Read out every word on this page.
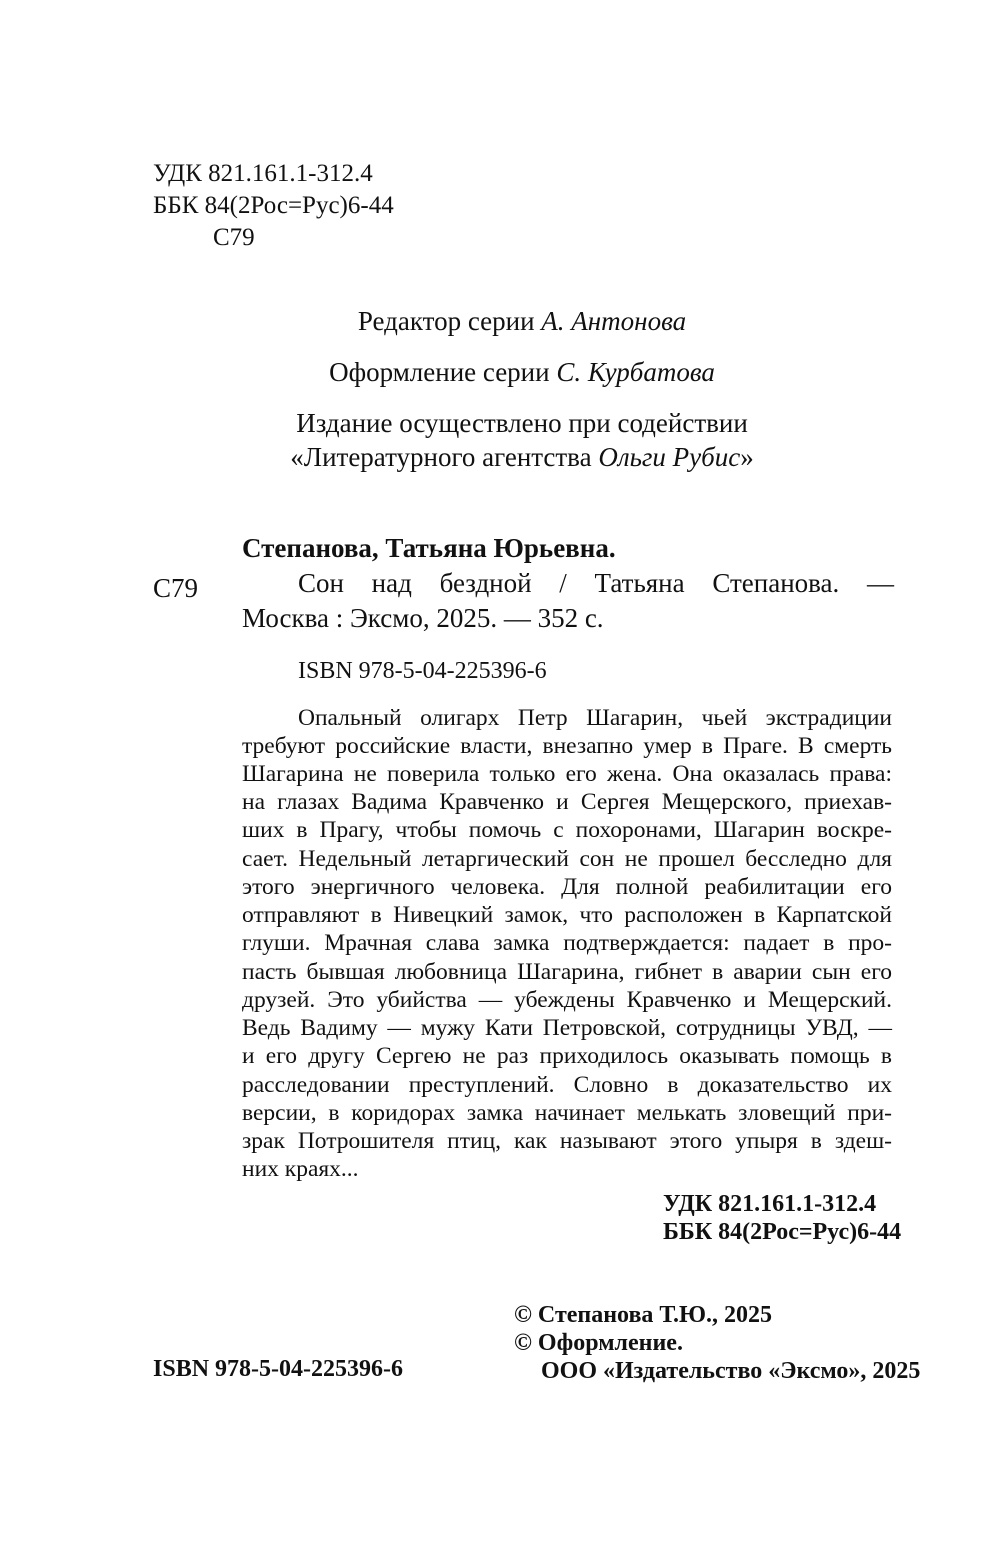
УДК 821.161.1-312.4
ББК 84(2Рос=Рус)6-44
С79
Редактор серии А. Антонова
Оформление серии С. Курбатова
Издание осуществлено при содействии
«Литературного агентства Ольги Рубис»
Степанова, Татьяна Юрьевна.
С79	Сон над бездной / Татьяна Степанова. —
Москва : Эксмо, 2025. — 352 с.
ISBN 978-5-04-225396-6
Опальный олигарх Петр Шагарин, чьей экстрадиции
требуют российские власти, внезапно умер в Праге. В смерть
Шагарина не поверила только его жена. Она оказалась права:
на глазах Вадима Кравченко и Сергея Мещерского, приехав-
ших в Прагу, чтобы помочь с похоронами, Шагарин воскре-
сает. Недельный летаргический сон не прошел бесследно для
этого энергичного человека. Для полной реабилитации его
отправляют в Нивецкий замок, что расположен в Карпатской
глуши. Мрачная слава замка подтверждается: падает в про-
пасть бывшая любовница Шагарина, гибнет в аварии сын его
друзей. Это убийства — убеждены Кравченко и Мещерский.
Ведь Вадиму — мужу Кати Петровской, сотрудницы УВД, —
и его другу Сергею не раз приходилось оказывать помощь в
расследовании преступлений. Словно в доказательство их
версии, в коридорах замка начинает мелькать зловещий при-
зрак Потрошителя птиц, как называют этого упыря в здеш-
них краях...
УДК 821.161.1-312.4
ББК 84(2Рос=Рус)6-44
ISBN 978-5-04-225396-6
© Степанова Т.Ю., 2025
© Оформление.
ООО «Издательство «Эксмо», 2025
